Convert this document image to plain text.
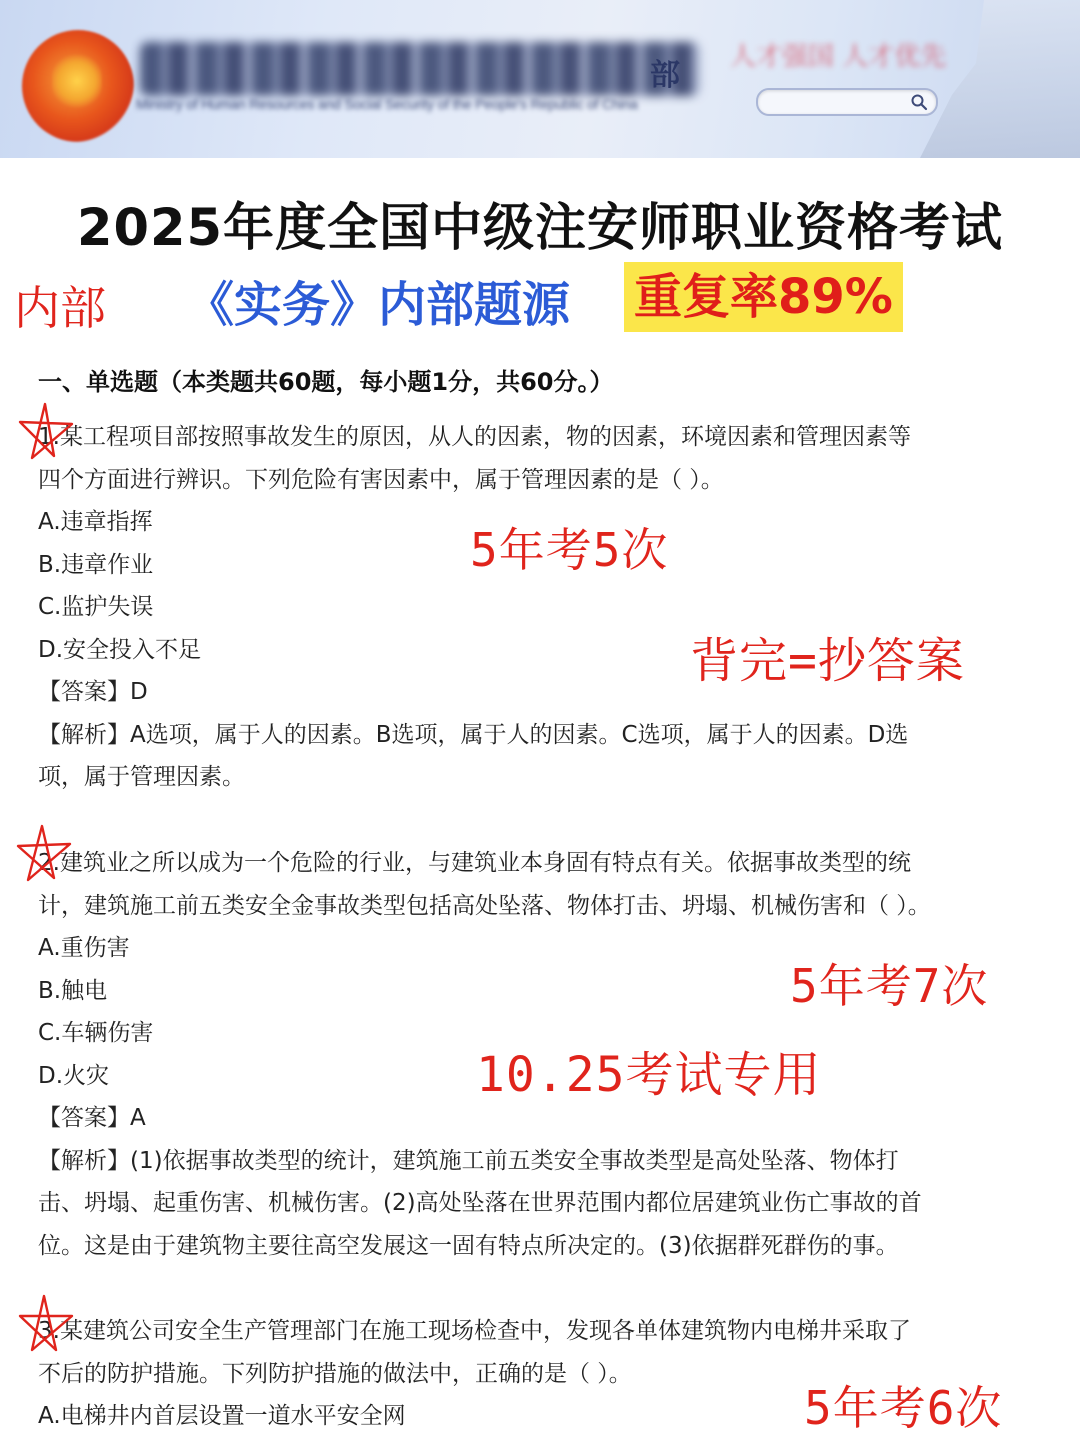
部
Ministry of Human Resources and Social Security of the People's Republic of China
人才强国 人才优先
2025年度全国中级注安师职业资格考试
内部 《实务》内部题源 重复率89%
一、单选题（本类题共60题，每小题1分，共60分。）

1.某工程项目部按照事故发生的原因，从人的因素，物的因素，环境因素和管理因素等

四个方面进行辨识。下列危险有害因素中，属于管理因素的是（ ）。

A.违章指挥

B.违章作业

C.监护失误

D.安全投入不足

【答案】D

【解析】A选项，属于人的因素。B选项，属于人的因素。C选项，属于人的因素。D选

项，属于管理因素。

2.建筑业之所以成为一个危险的行业，与建筑业本身固有特点有关。依据事故类型的统

计，建筑施工前五类安全金事故类型包括高处坠落、物体打击、坍塌、机械伤害和（ ）。

A.重伤害

B.触电

C.车辆伤害

D.火灾

【答案】A

【解析】(1)依据事故类型的统计，建筑施工前五类安全事故类型是高处坠落、物体打

击、坍塌、起重伤害、机械伤害。(2)高处坠落在世界范围内都位居建筑业伤亡事故的首

位。这是由于建筑物主要往高空发展这一固有特点所决定的。(3)依据群死群伤的事。

3.某建筑公司安全生产管理部门在施工现场检查中，发现各单体建筑物内电梯井采取了

不后的防护措施。下列防护措施的做法中，正确的是（ ）。

A.电梯井内首层设置一道水平安全网

5年考5次
背完=抄答案
5年考7次
10.25考试专用
5年考6次
